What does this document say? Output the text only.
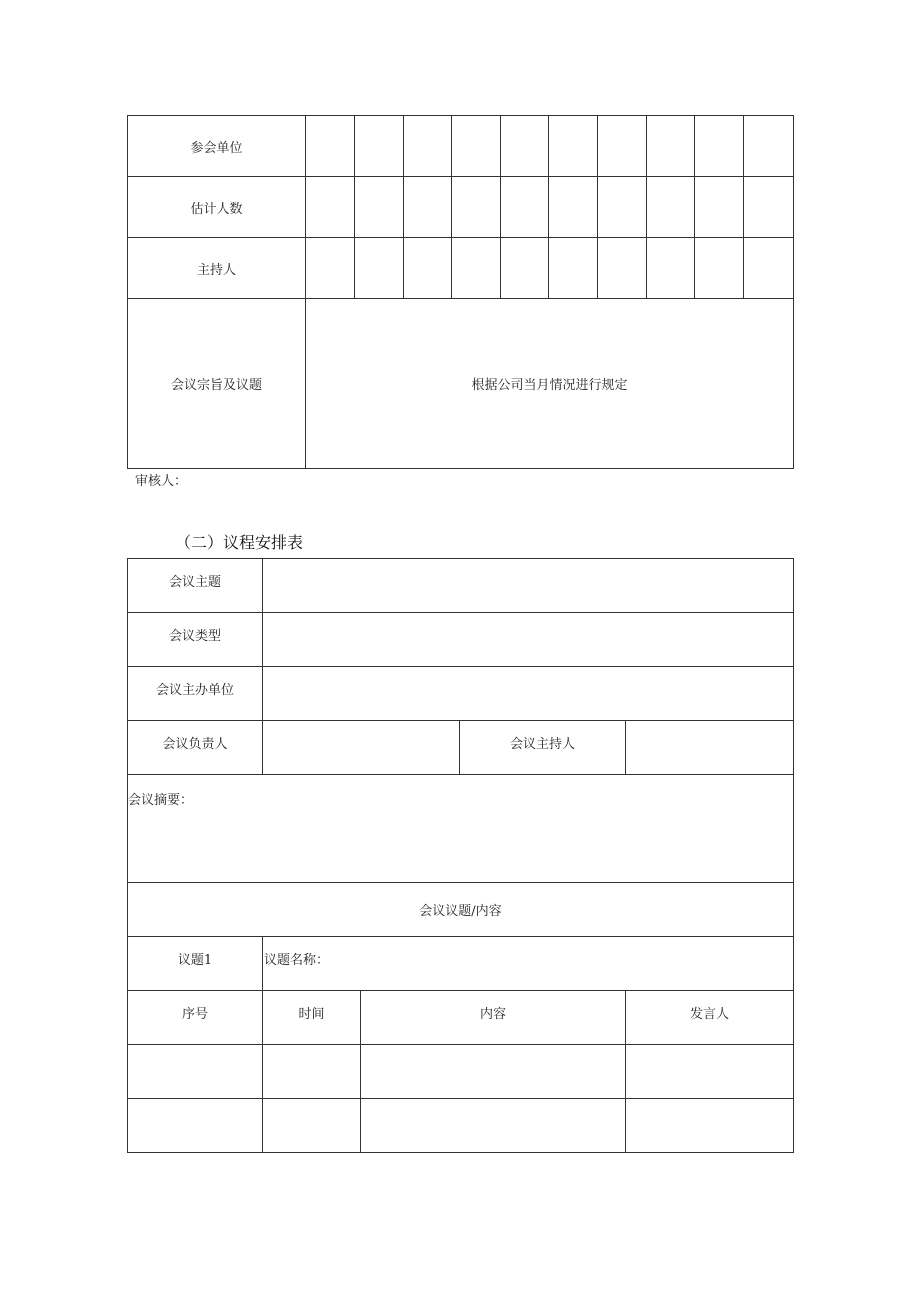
参会单位										
估计人数										
主持人										
会议宗旨及议题	根据公司当月情况进行规定									
审核人：
（二）议程安排表
会议主题				
会议类型				
会议主办单位				
会议负责人			会议主持人	
会议摘要：				
会议议题/内容				
议题1	议题名称：			
序号	时间	内容		发言人
